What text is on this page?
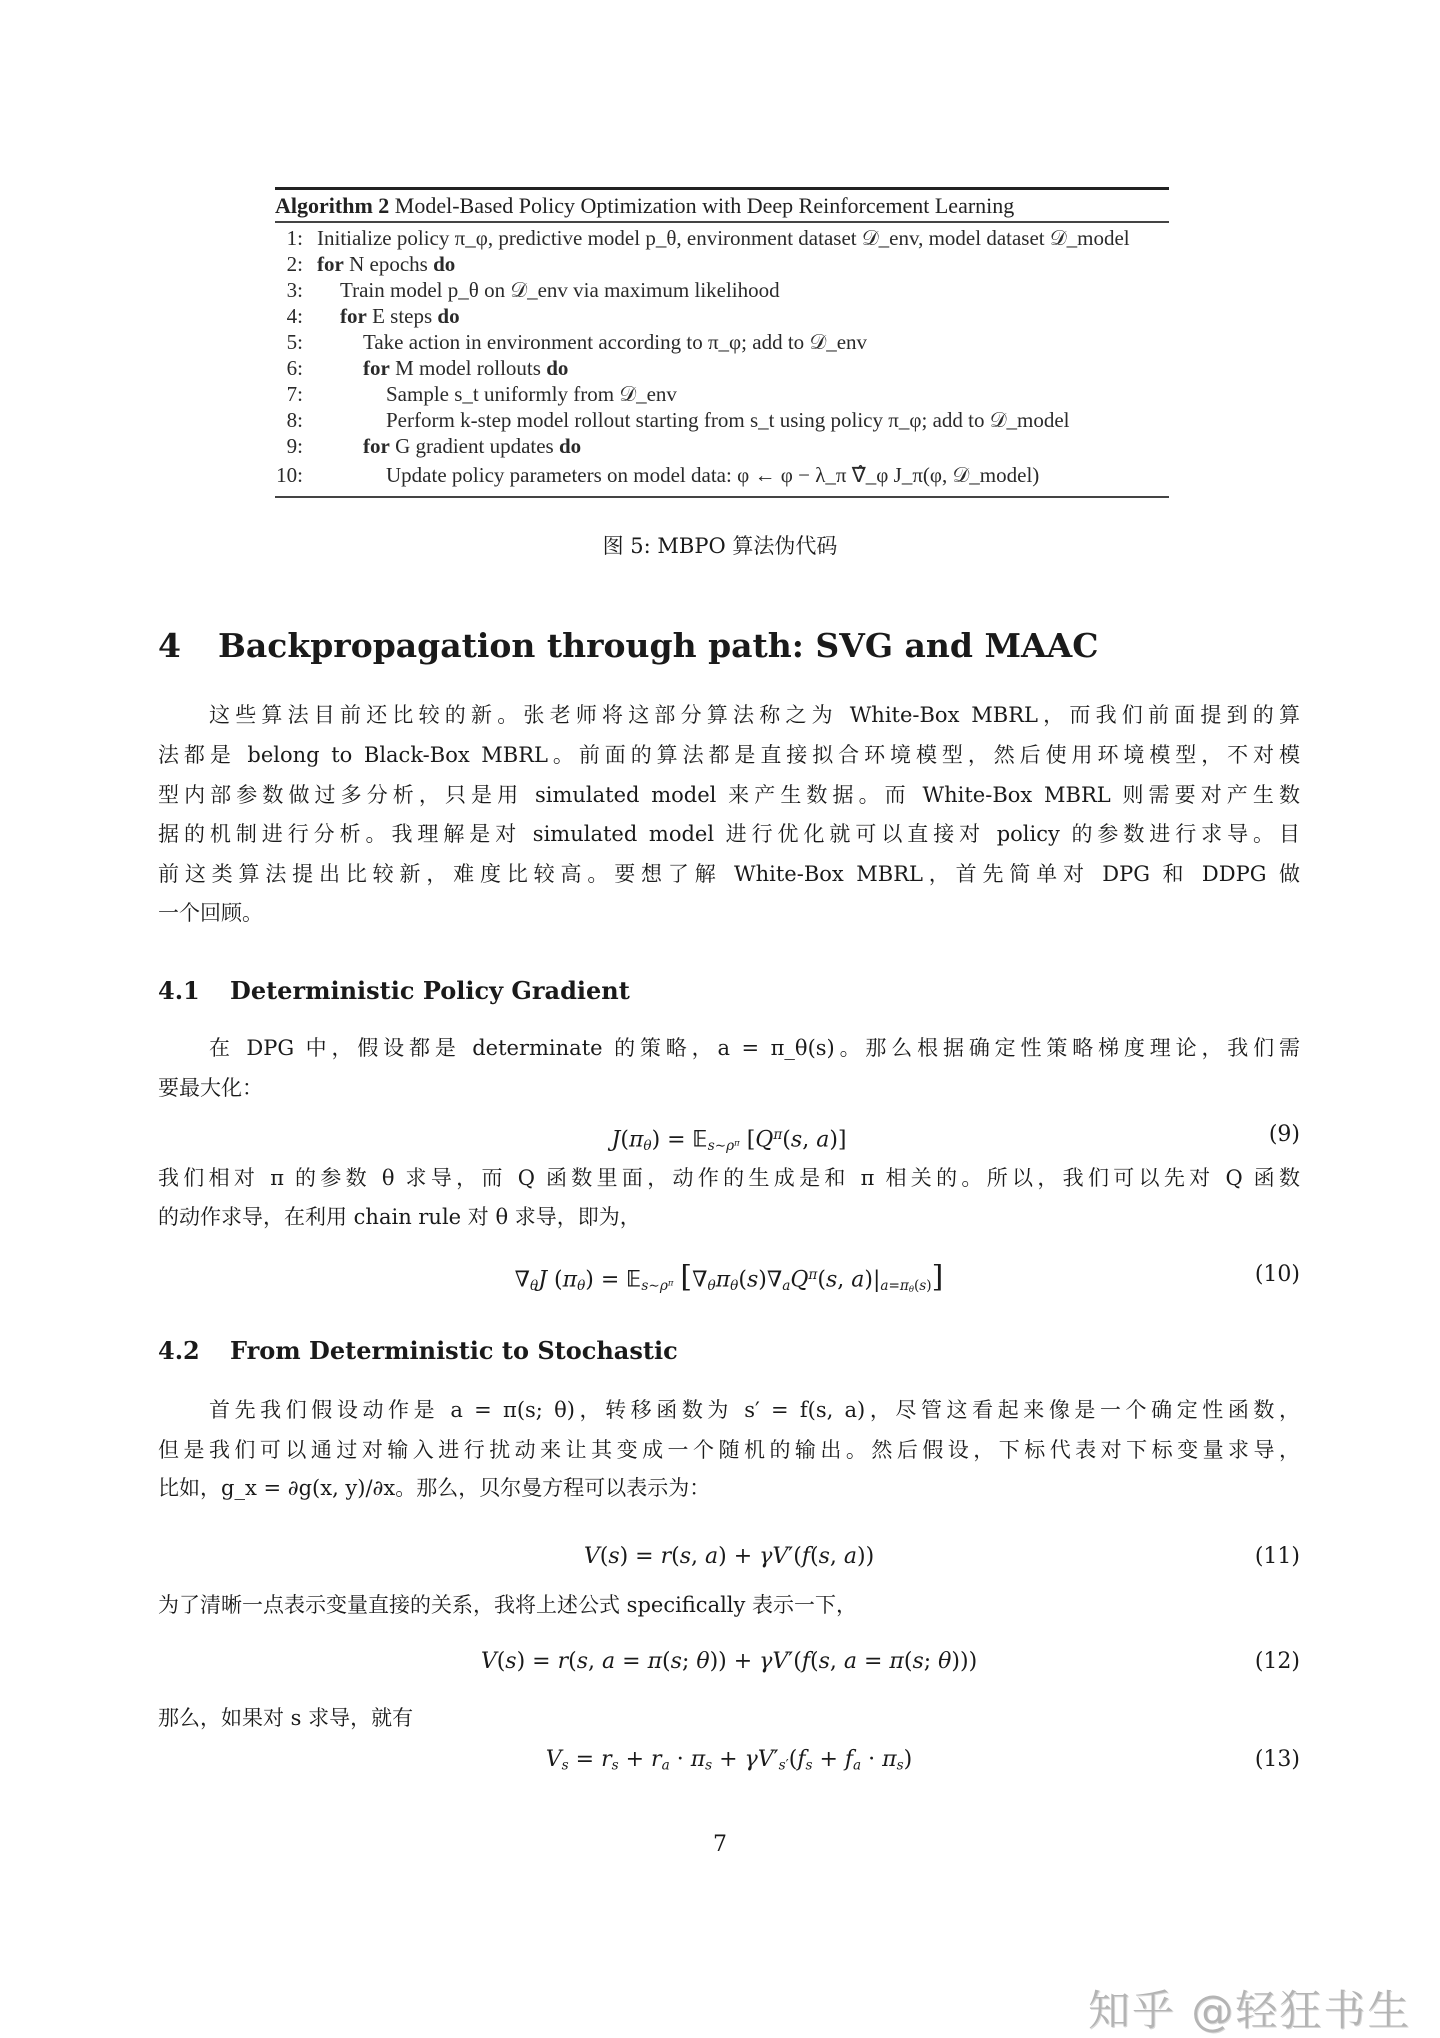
Algorithm 2 Model-Based Policy Optimization with Deep Reinforcement Learning
1: Initialize policy π_φ, predictive model p_θ, environment dataset 𝒟_env, model dataset 𝒟_model
2: for N epochs do
3: Train model p_θ on 𝒟_env via maximum likelihood
4: for E steps do
5:	Take action in environment according to π_φ; add to 𝒟_env
6:	for M model rollouts do
7:	Sample s_t uniformly from 𝒟_env
8:	Perform k-step model rollout starting from s_t using policy π_φ; add to 𝒟_model
9:	for G gradient updates do
10:	Update policy parameters on model data: φ ← φ − λ_π ∇̂_φ J_π(φ, 𝒟_model)
图 5: MBPO 算法伪代码
4 Backpropagation through path: SVG and MAAC
这些算法目前还比较的新。张老师将这部分算法称之为 White-Box MBRL，而我们前面提到的算
法都是 belong to Black-Box MBRL。前面的算法都是直接拟合环境模型，然后使用环境模型，不对模
型内部参数做过多分析，只是用 simulated model 来产生数据。而 White-Box MBRL 则需要对产生数
据的机制进行分析。我理解是对 simulated model 进行优化就可以直接对 policy 的参数进行求导。目
前这类算法提出比较新，难度比较高。要想了解 White-Box MBRL，首先简单对 DPG 和 DDPG 做
一个回顾。
4.1 Deterministic Policy Gradient
在 DPG 中，假设都是 determinate 的策略，a = π_θ(s)。那么根据确定性策略梯度理论，我们需
要最大化：
$J(\pi_\theta)$ = 𝔼$_{s\sim\rho^\pi}$ [$Q^\pi(s$, a)]	(9)
我们相对 π 的参数 θ 求导，而 Q 函数里面，动作的生成是和 π 相关的。所以，我们可以先对 Q 函数
的动作求导，在利用 chain rule 对 θ 求导，即为，
$\nabla_\theta J$ $(\pi_\theta)$ = 𝔼$_{s\sim\rho^\pi}$ [$\nabla_\theta\pi_\theta(s)\nabla_aQ^\pi(s$, $a)|_{a=\pi_\theta(s)}$]	(10)
4.2 From Deterministic to Stochastic
首先我们假设动作是 a = π(s; θ)，转移函数为 s′ = f(s, a)，尽管这看起来像是一个确定性函数，
但是我们可以通过对输入进行扰动来让其变成一个随机的输出。然后假设，下标代表对下标变量求导，
比如，g_x = ∂g(x, y)/∂x。那么，贝尔曼方程可以表示为：
V(s) = r(s, a) + γV′(f(s, a))	(11)
为了清晰一点表示变量直接的关系，我将上述公式 specifically 表示一下，
V(s) = r(s, a = π(s; θ)) + γV′(f(s, a = π(s; θ)))	(12)
那么，如果对 s 求导，就有
$V_s = r_s + r_a \cdot \pi_s + \gamma V'_{s'}(f_s + f_a \cdot \pi_s)$	(13)
7
知乎 @轻狂书生
